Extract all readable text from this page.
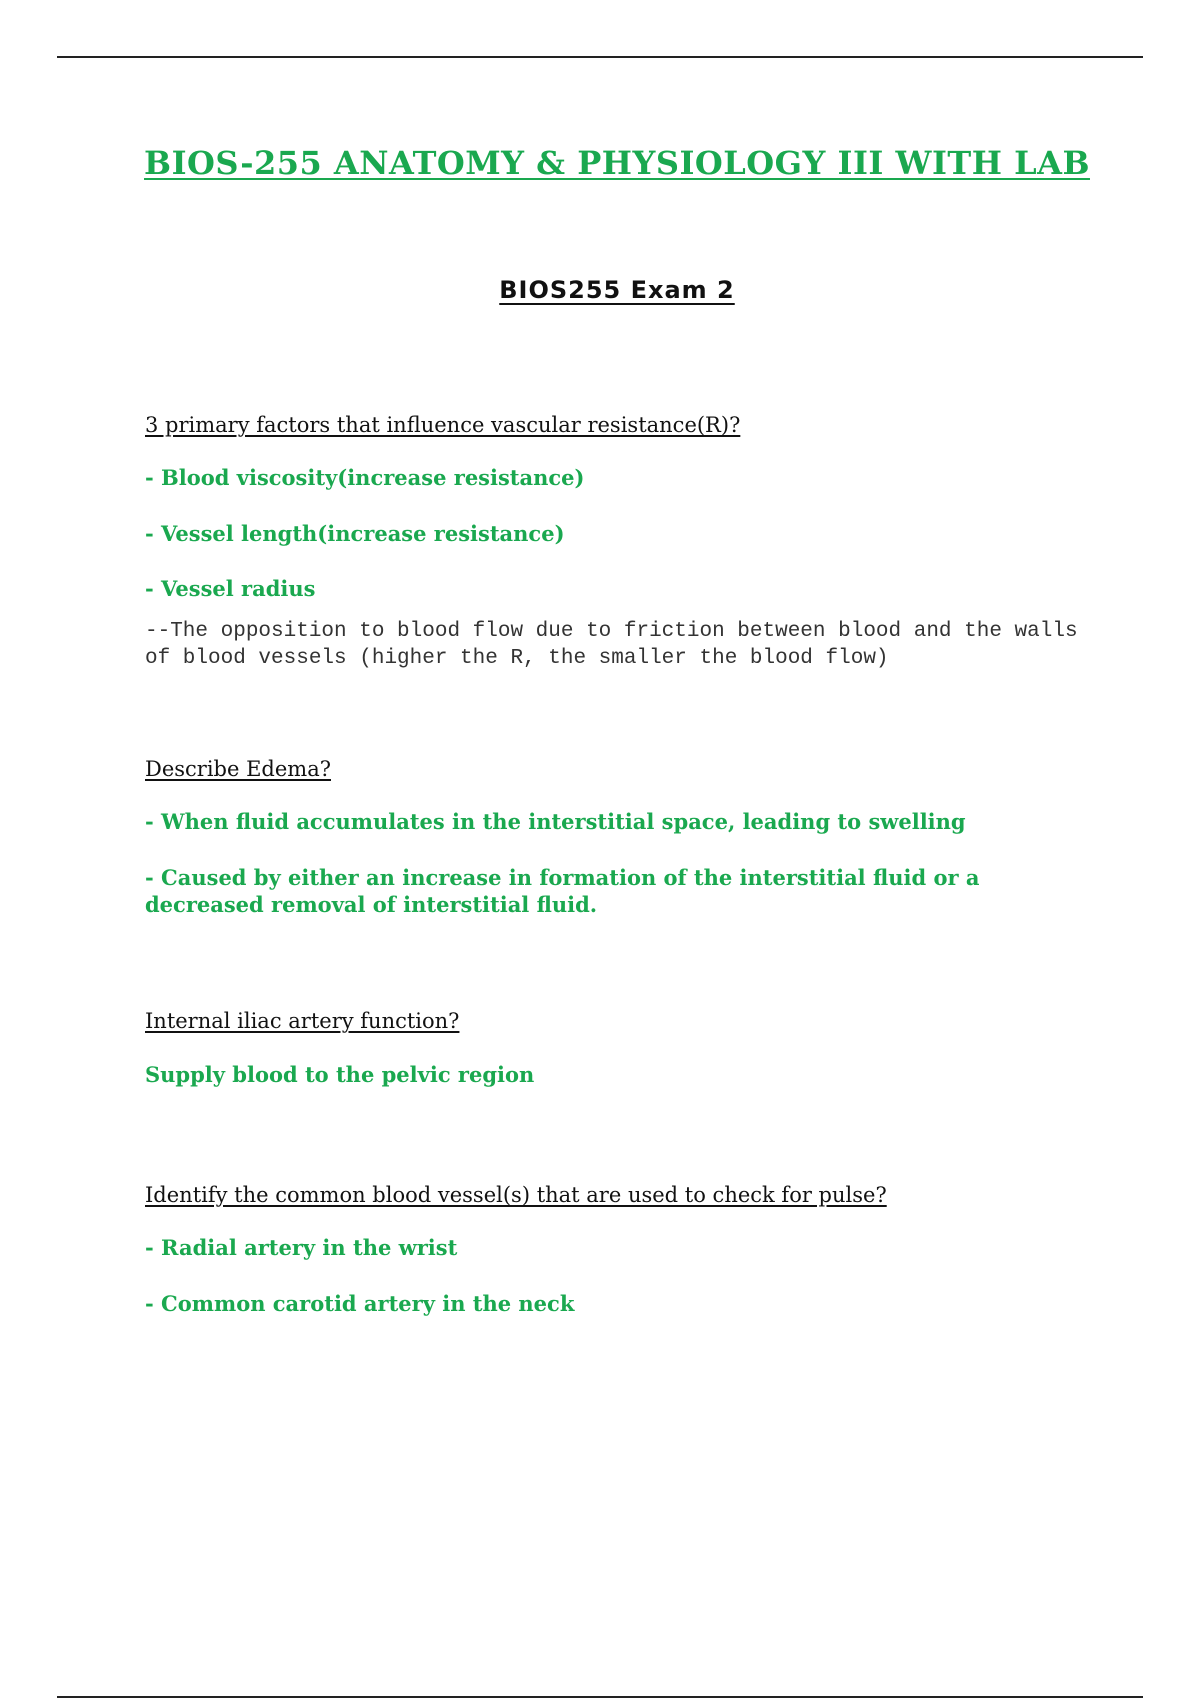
BIOS-255 ANATOMY & PHYSIOLOGY III WITH LAB
BIOS255 Exam 2

3 primary factors that influence vascular resistance(R)?

- Blood viscosity(increase resistance)

- Vessel length(increase resistance)

- Vessel radius

--The opposition to blood flow due to friction between blood and the walls of blood vessels (higher the R, the smaller the blood flow)

Describe Edema?

- When fluid accumulates in the interstitial space, leading to swelling

- Caused by either an increase in formation of the interstitial fluid or a decreased removal of interstitial fluid.

Internal iliac artery function?

Supply blood to the pelvic region

Identify the common blood vessel(s) that are used to check for pulse?

- Radial artery in the wrist

- Common carotid artery in the neck
